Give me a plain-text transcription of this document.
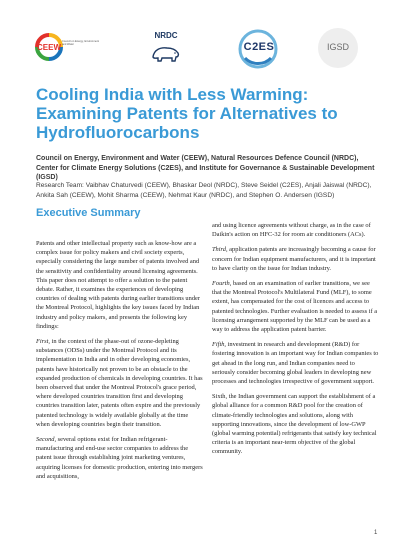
CEEW
Council on Energy, Environment and Water
NRDC
C2ES	IGSD
Cooling India with Less Warming: Examining Patents for Alternatives to Hydrofluorocarbons

Council on Energy, Environment and Water (CEEW), Natural Resources Defence Council (NRDC), Center for Climate Energy Solutions (C2ES), and Institute for Governance & Sustainable Development (IGSD)

Research Team: Vaibhav Chaturvedi (CEEW), Bhaskar Deol (NRDC), Steve Seidel (C2ES), Anjali Jaiswal (NRDC), Ankita Sah (CEEW), Mohit Sharma (CEEW), Nehmat Kaur (NRDC), and Stephen O. Andersen (IGSD)

Executive Summary

Patents and other intellectual property such as know-how are a complex issue for policy makers and civil society experts, especially considering the large number of patents involved and the sensitivity and confidentiality around licensing agreements. This paper does not attempt to offer a solution to the patent debate. Rather, it examines the experiences of developing countries of dealing with patents during earlier transitions under the Montreal Protocol, highlights the key issues faced by Indian industry and policy makers, and presents the following key findings:

First, in the context of the phase-out of ozone-depleting substances (ODSs) under the Montreal Protocol and its implementation in India and in other developing economies, patents have historically not proven to be an obstacle to the expanded production of chemicals in developing countries. It has been observed that under the Montreal Protocol's grace period, where developed countries transition first and developing countries transition later, patents often expire and the previously patented technology is widely available globally at the time when developing countries begin their transition.

Second, several options exist for Indian refrigerant-manufacturing and end-use sector companies to address the patent issue through establishing joint marketing ventures, acquiring licenses for domestic production, entering into mergers and acquisitions,

and using licence agreements without charge, as in the case of Daikin's action on HFC-32 for room air conditioners (ACs).

Third, application patents are increasingly becoming a cause for concern for Indian equipment manufacturers, and it is important to have clarity on the issue for Indian industry.

Fourth, based on an examination of earlier transitions, we see that the Montreal Protocol's Multilateral Fund (MLF), to some extent, has compensated for the cost of licences and access to patented technologies. Further evaluation is needed to assess if a licensing arrangement supported by the MLF can be used as a way to address the application patent barrier.

Fifth, investment in research and development (R&D) for fostering innovation is an important way for Indian companies to get ahead in the long run, and Indian companies need to seriously consider becoming global leaders in developing new processes and technologies irrespective of government support.

Sixth, the Indian government can support the establishment of a global alliance for a common R&D pool for the creation of climate-friendly technologies and solutions, along with supporting innovations, since the development of low-GWP (global warming potential) refrigerants that satisfy key technical criteria is an important near-term objective of the global community.

1
